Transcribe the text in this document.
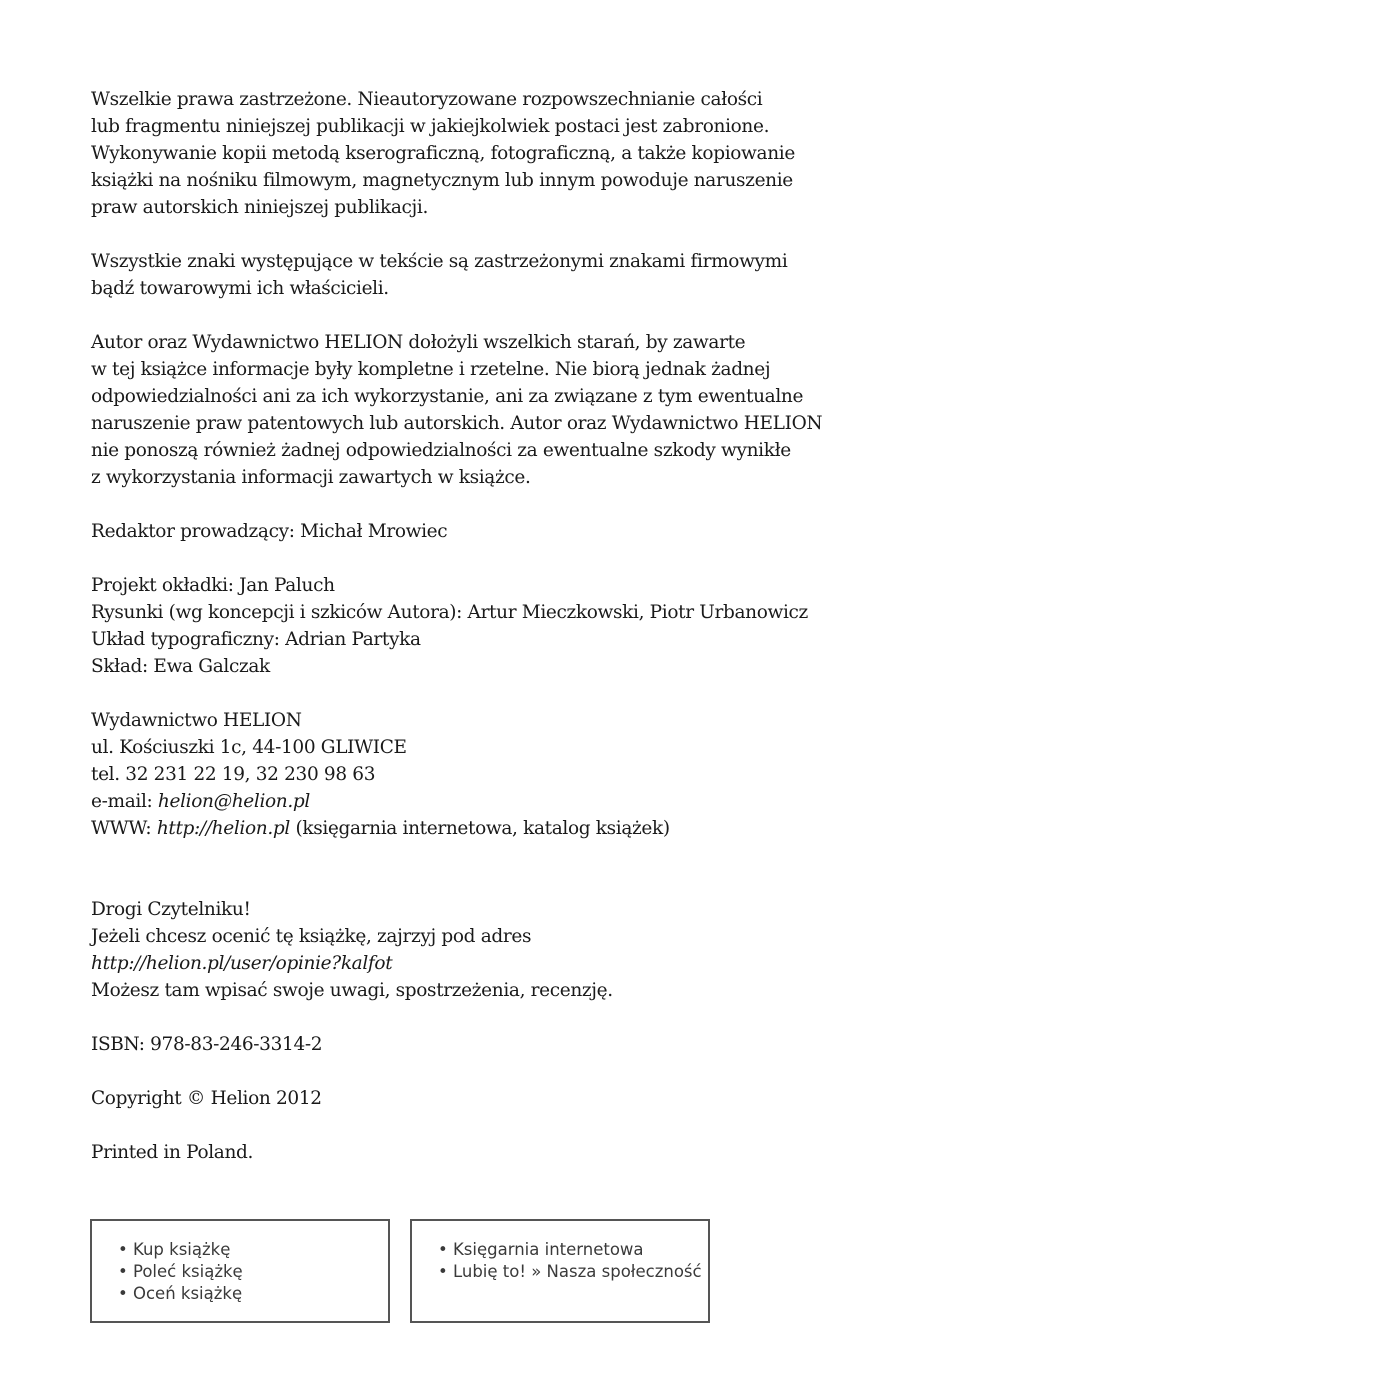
Wszelkie prawa zastrzeżone. Nieautoryzowane rozpowszechnianie całości
lub fragmentu niniejszej publikacji w jakiejkolwiek postaci jest zabronione.
Wykonywanie kopii metodą kserograficzną, fotograficzną, a także kopiowanie
książki na nośniku filmowym, magnetycznym lub innym powoduje naruszenie
praw autorskich niniejszej publikacji.

Wszystkie znaki występujące w tekście są zastrzeżonymi znakami firmowymi
bądź towarowymi ich właścicieli.

Autor oraz Wydawnictwo HELION dołożyli wszelkich starań, by zawarte
w tej książce informacje były kompletne i rzetelne. Nie biorą jednak żadnej
odpowiedzialności ani za ich wykorzystanie, ani za związane z tym ewentualne
naruszenie praw patentowych lub autorskich. Autor oraz Wydawnictwo HELION
nie ponoszą również żadnej odpowiedzialności za ewentualne szkody wynikłe
z wykorzystania informacji zawartych w książce.

Redaktor prowadzący: Michał Mrowiec

Projekt okładki: Jan Paluch
Rysunki (wg koncepcji i szkiców Autora): Artur Mieczkowski, Piotr Urbanowicz
Układ typograficzny: Adrian Partyka
Skład: Ewa Galczak

Wydawnictwo HELION
ul. Kościuszki 1c, 44-100 GLIWICE
tel. 32 231 22 19, 32 230 98 63
e-mail: helion@helion.pl
WWW: http://helion.pl (księgarnia internetowa, katalog książek)

Drogi Czytelniku!
Jeżeli chcesz ocenić tę książkę, zajrzyj pod adres
http://helion.pl/user/opinie?kalfot
Możesz tam wpisać swoje uwagi, spostrzeżenia, recenzję.

ISBN: 978-83-246-3314-2

Copyright © Helion 2012

Printed in Poland.

• Kup książkę
• Poleć książkę
• Oceń książkę
• Księgarnia internetowa
• Lubię to! » Nasza społeczność
